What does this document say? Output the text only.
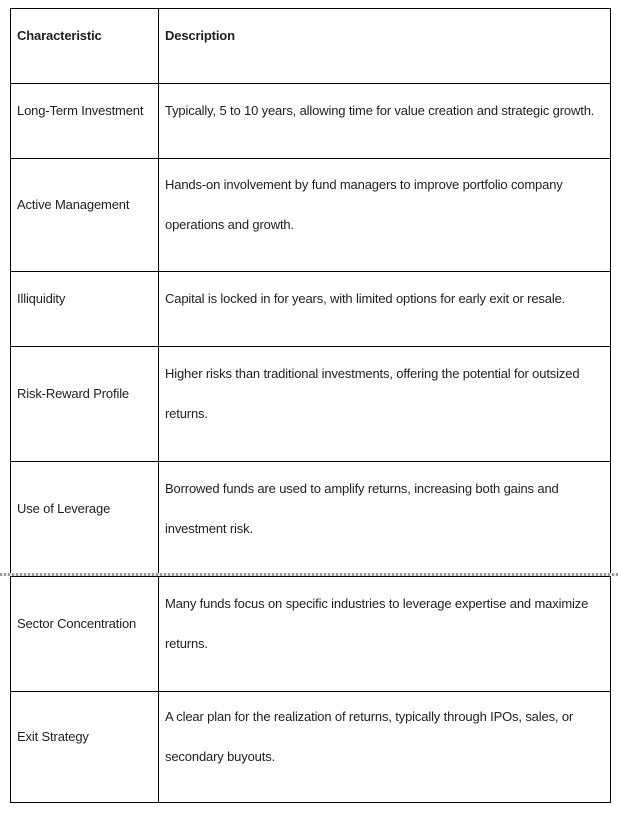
Characteristic	Description

Long-Term Investment	Typically, 5 to 10 years, allowing time for value creation and strategic growth.

Active Management	Hands-on involvement by fund managers to improve portfolio company operations and growth.

Illiquidity	Capital is locked in for years, with limited options for early exit or resale.

Risk-Reward Profile	Higher risks than traditional investments, offering the potential for outsized returns.

Use of Leverage	Borrowed funds are used to amplify returns, increasing both gains and investment risk.

Sector Concentration	Many funds focus on specific industries to leverage expertise and maximize returns.

Exit Strategy	A clear plan for the realization of returns, typically through IPOs, sales, or secondary buyouts.
